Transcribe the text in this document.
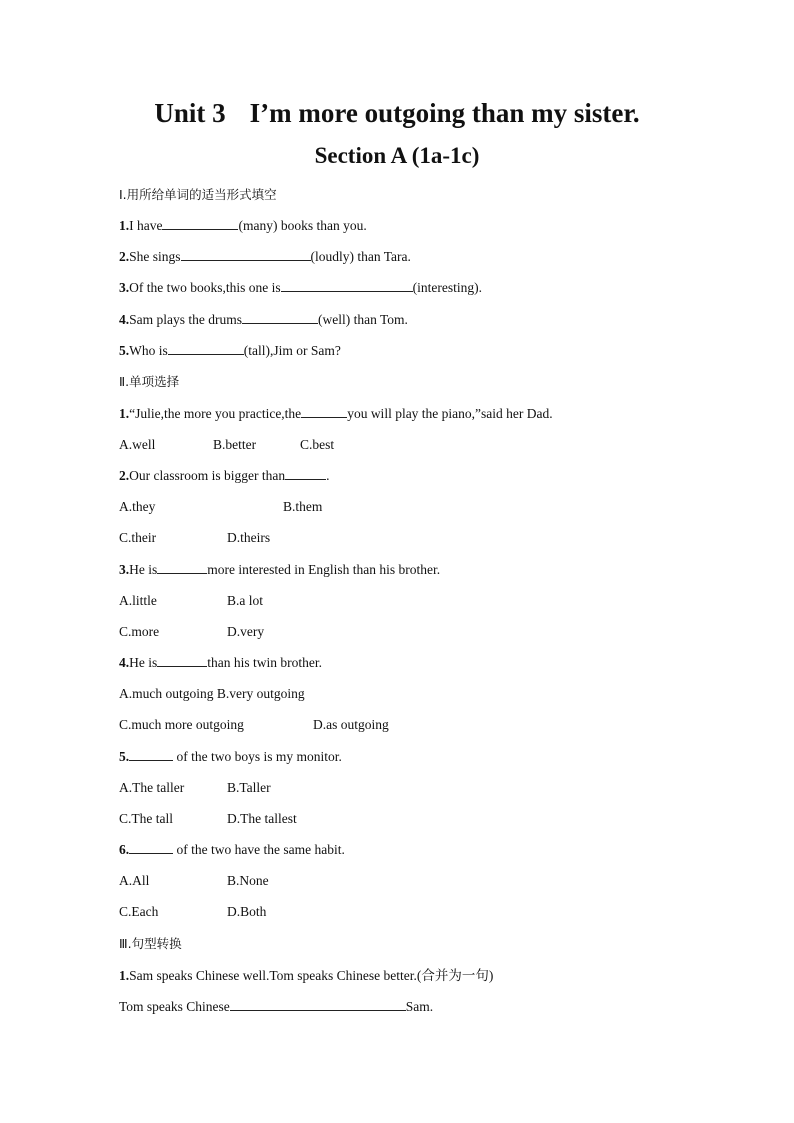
Unit 3 I’m more outgoing than my sister.
Section A (1a-1c)
Ⅰ.用所给单词的适当形式填空
1.I have	(many) books than you.
2.She sings	(loudly) than Tara.
3.Of the two books,this one is	(interesting).
4.Sam plays the drums	(well) than Tom.
5.Who is	(tall),Jim or Sam?
Ⅱ.单项选择
1.“Julie,the more you practice,the	you will play the piano,”said her Dad.
A.well	B.better	C.best
2.Our classroom is bigger than	.
A.they	B.them
C.their	D.theirs
3.He is	more interested in English than his brother.
A.little	B.a lot
C.more	D.very
4.He is	than his twin brother.
A.much outgoing B.very outgoing
C.much more outgoing	D.as outgoing
5.	of the two boys is my monitor.
A.The taller	B.Taller
C.The tall	D.The tallest
6.	of the two have the same habit.
A.All	B.None
C.Each	D.Both
Ⅲ.句型转换
1.Sam speaks Chinese well.Tom speaks Chinese better.(合并为一句)
Tom speaks Chinese	Sam.
